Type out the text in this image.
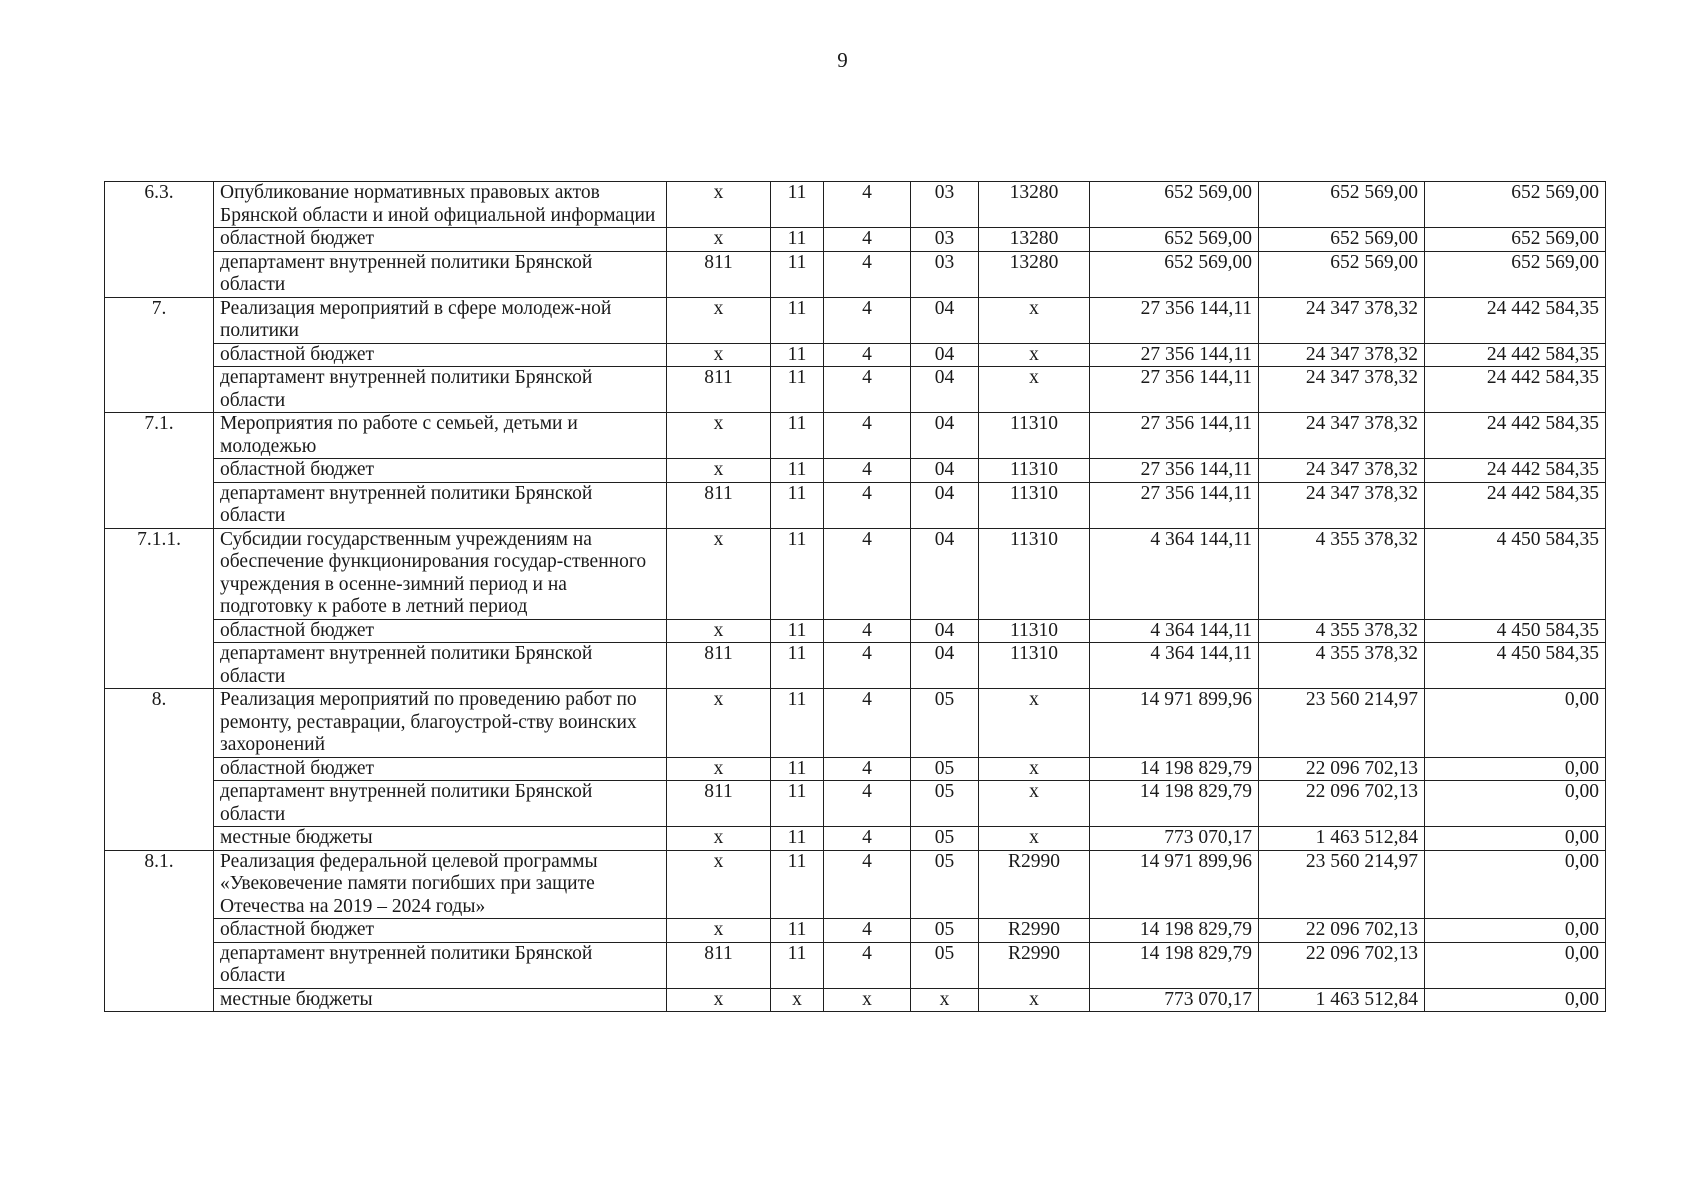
9
6.3.	Опубликование нормативных правовых актов Брянской области и иной официальной информации	х	11	4	03	13280	652 569,00	652 569,00	652 569,00
	областной бюджет	х	11	4	03	13280	652 569,00	652 569,00	652 569,00
	департамент внутренней политики Брянской области	811	11	4	03	13280	652 569,00	652 569,00	652 569,00
7.	Реализация мероприятий в сфере молодеж-ной политики	х	11	4	04	х	27 356 144,11	24 347 378,32	24 442 584,35
	областной бюджет	х	11	4	04	х	27 356 144,11	24 347 378,32	24 442 584,35
	департамент внутренней политики Брянской области	811	11	4	04	х	27 356 144,11	24 347 378,32	24 442 584,35
7.1.	Мероприятия по работе с семьей, детьми и молодежью	х	11	4	04	11310	27 356 144,11	24 347 378,32	24 442 584,35
	областной бюджет	х	11	4	04	11310	27 356 144,11	24 347 378,32	24 442 584,35
	департамент внутренней политики Брянской области	811	11	4	04	11310	27 356 144,11	24 347 378,32	24 442 584,35
7.1.1.	Субсидии государственным учреждениям на обеспечение функционирования государ-ственного учреждения в осенне-зимний период и на подготовку к работе в летний период	х	11	4	04	11310	4 364 144,11	4 355 378,32	4 450 584,35
	областной бюджет	х	11	4	04	11310	4 364 144,11	4 355 378,32	4 450 584,35
	департамент внутренней политики Брянской области	811	11	4	04	11310	4 364 144,11	4 355 378,32	4 450 584,35
8.	Реализация мероприятий по проведению работ по ремонту, реставрации, благоустрой-ству воинских захоронений	х	11	4	05	х	14 971 899,96	23 560 214,97	0,00
	областной бюджет	х	11	4	05	х	14 198 829,79	22 096 702,13	0,00
	департамент внутренней политики Брянской области	811	11	4	05	х	14 198 829,79	22 096 702,13	0,00
	местные бюджеты	х	11	4	05	х	773 070,17	1 463 512,84	0,00
8.1.	Реализация федеральной целевой программы «Увековечение памяти погибших при защите Отечества на 2019 – 2024 годы»	х	11	4	05	R2990	14 971 899,96	23 560 214,97	0,00
	областной бюджет	х	11	4	05	R2990	14 198 829,79	22 096 702,13	0,00
	департамент внутренней политики Брянской области	811	11	4	05	R2990	14 198 829,79	22 096 702,13	0,00
	местные бюджеты	х	х	х	х	х	773 070,17	1 463 512,84	0,00
